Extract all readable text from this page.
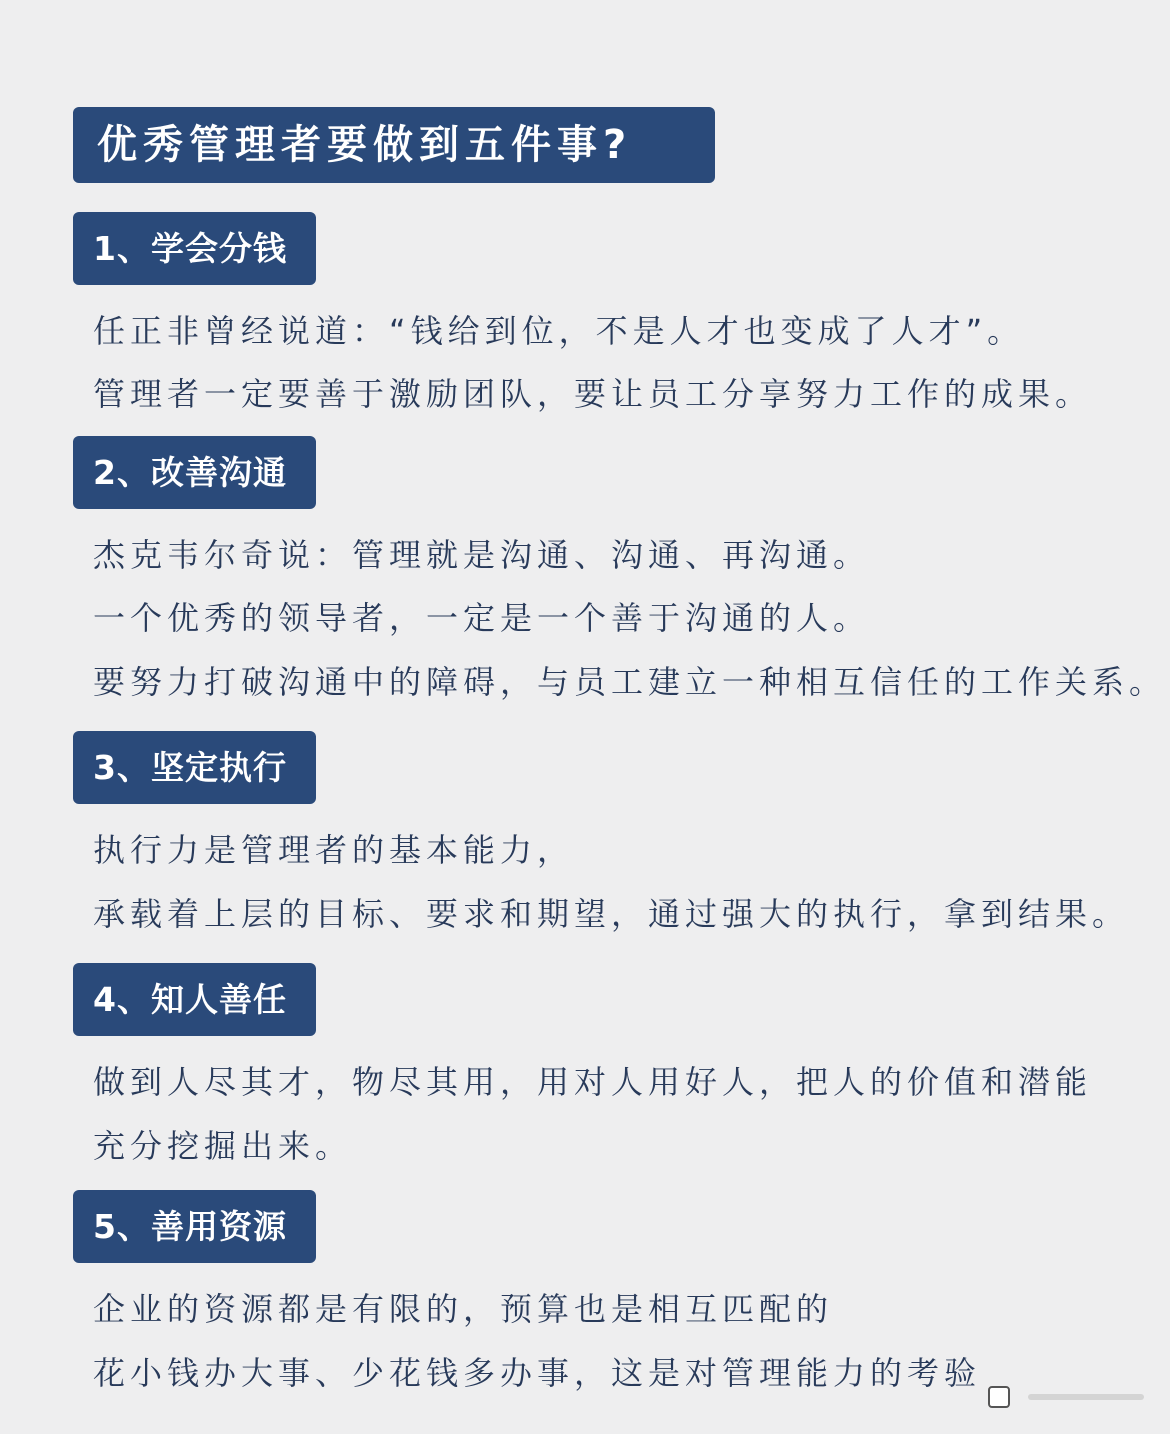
优秀管理者要做到五件事?
1、学会分钱
任正非曾经说道：“钱给到位，不是人才也变成了人才”。
管理者一定要善于激励团队，要让员工分享努力工作的成果。
2、改善沟通
杰克韦尔奇说：管理就是沟通、沟通、再沟通。
一个优秀的领导者，一定是一个善于沟通的人。
要努力打破沟通中的障碍，与员工建立一种相互信任的工作关系。
3、坚定执行
执行力是管理者的基本能力，
承载着上层的目标、要求和期望，通过强大的执行，拿到结果。
4、知人善任
做到人尽其才，物尽其用，用对人用好人，把人的价值和潜能
充分挖掘出来。
5、善用资源
企业的资源都是有限的，预算也是相互匹配的
花小钱办大事、少花钱多办事，这是对管理能力的考验
